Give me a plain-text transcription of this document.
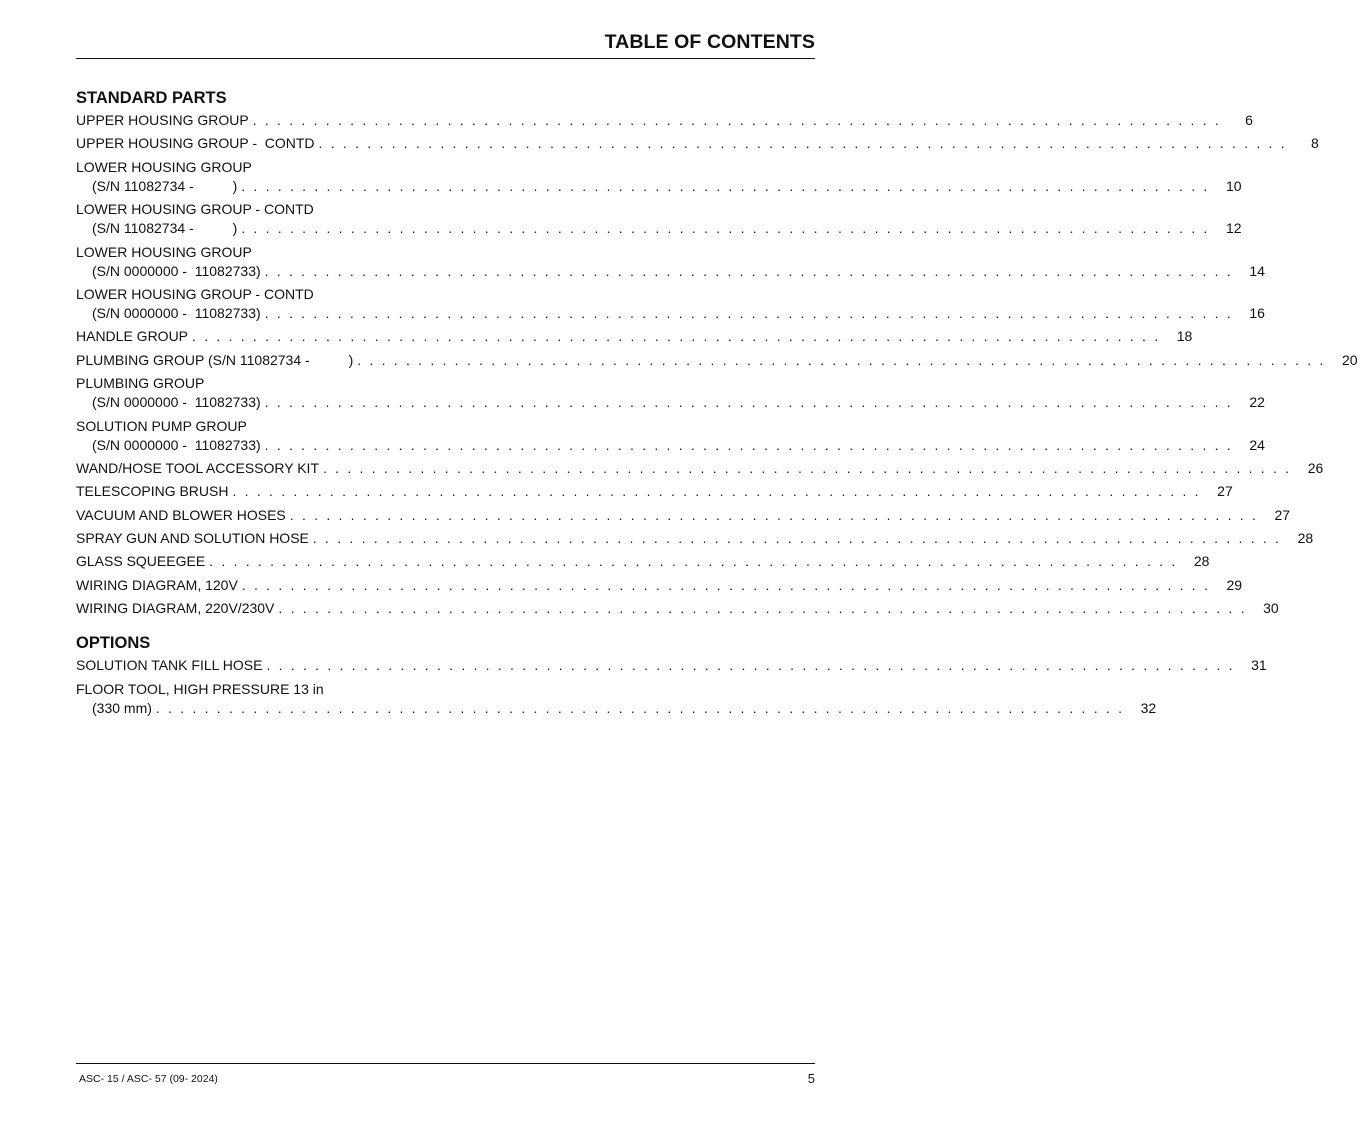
TABLE OF CONTENTS
STANDARD PARTS
UPPER HOUSING GROUP . . . . . . . . . . . . . . . . . . . . . . . . . . . . . . . . . . . . . . . . . . . . . . . . . . . . . . . . . . . . . . . . . . . . . . . . . . . . . . . .	6
UPPER HOUSING GROUP -  CONTD . . . . . . . . . . . . . . . . . . . . . . . . . . . . . . . . . . . . . . . . . . . . . . . . . . . . . . . . . . . . . . . . . . . . . . . . . . . . . . . .	8
LOWER HOUSING GROUP
(S/N 11082734 -          ) . . . . . . . . . . . . . . . . . . . . . . . . . . . . . . . . . . . . . . . . . . . . . . . . . . . . . . . . . . . . . . . . . . . . . . . . . . . . . . . .	10
LOWER HOUSING GROUP - CONTD
(S/N 11082734 -          ) . . . . . . . . . . . . . . . . . . . . . . . . . . . . . . . . . . . . . . . . . . . . . . . . . . . . . . . . . . . . . . . . . . . . . . . . . . . . . . . .	12
LOWER HOUSING GROUP
(S/N 0000000 -  11082733) . . . . . . . . . . . . . . . . . . . . . . . . . . . . . . . . . . . . . . . . . . . . . . . . . . . . . . . . . . . . . . . . . . . . . . . . . . . . . . . .	14
LOWER HOUSING GROUP - CONTD
(S/N 0000000 -  11082733) . . . . . . . . . . . . . . . . . . . . . . . . . . . . . . . . . . . . . . . . . . . . . . . . . . . . . . . . . . . . . . . . . . . . . . . . . . . . . . . .	16
HANDLE GROUP . . . . . . . . . . . . . . . . . . . . . . . . . . . . . . . . . . . . . . . . . . . . . . . . . . . . . . . . . . . . . . . . . . . . . . . . . . . . . . . .	18
PLUMBING GROUP (S/N 11082734 -          ) . . . . . . . . . . . . . . . . . . . . . . . . . . . . . . . . . . . . . . . . . . . . . . . . . . . . . . . . . . . . . . . . . . . . . . . . . . . . . . . .	20
PLUMBING GROUP
(S/N 0000000 -  11082733) . . . . . . . . . . . . . . . . . . . . . . . . . . . . . . . . . . . . . . . . . . . . . . . . . . . . . . . . . . . . . . . . . . . . . . . . . . . . . . . .	22
SOLUTION PUMP GROUP
(S/N 0000000 -  11082733) . . . . . . . . . . . . . . . . . . . . . . . . . . . . . . . . . . . . . . . . . . . . . . . . . . . . . . . . . . . . . . . . . . . . . . . . . . . . . . . .	24
WAND/HOSE TOOL ACCESSORY KIT . . . . . . . . . . . . . . . . . . . . . . . . . . . . . . . . . . . . . . . . . . . . . . . . . . . . . . . . . . . . . . . . . . . . . . . . . . . . . . . .	26
TELESCOPING BRUSH . . . . . . . . . . . . . . . . . . . . . . . . . . . . . . . . . . . . . . . . . . . . . . . . . . . . . . . . . . . . . . . . . . . . . . . . . . . . . . . .	27
VACUUM AND BLOWER HOSES . . . . . . . . . . . . . . . . . . . . . . . . . . . . . . . . . . . . . . . . . . . . . . . . . . . . . . . . . . . . . . . . . . . . . . . . . . . . . . . .	27
SPRAY GUN AND SOLUTION HOSE . . . . . . . . . . . . . . . . . . . . . . . . . . . . . . . . . . . . . . . . . . . . . . . . . . . . . . . . . . . . . . . . . . . . . . . . . . . . . . . .	28
GLASS SQUEEGEE . . . . . . . . . . . . . . . . . . . . . . . . . . . . . . . . . . . . . . . . . . . . . . . . . . . . . . . . . . . . . . . . . . . . . . . . . . . . . . . .	28
WIRING DIAGRAM, 120V . . . . . . . . . . . . . . . . . . . . . . . . . . . . . . . . . . . . . . . . . . . . . . . . . . . . . . . . . . . . . . . . . . . . . . . . . . . . . . . .	29
WIRING DIAGRAM, 220V/230V . . . . . . . . . . . . . . . . . . . . . . . . . . . . . . . . . . . . . . . . . . . . . . . . . . . . . . . . . . . . . . . . . . . . . . . . . . . . . . . .	30
OPTIONS
SOLUTION TANK FILL HOSE . . . . . . . . . . . . . . . . . . . . . . . . . . . . . . . . . . . . . . . . . . . . . . . . . . . . . . . . . . . . . . . . . . . . . . . . . . . . . . . .	31
FLOOR TOOL, HIGH PRESSURE 13 in
(330 mm) . . . . . . . . . . . . . . . . . . . . . . . . . . . . . . . . . . . . . . . . . . . . . . . . . . . . . . . . . . . . . . . . . . . . . . . . . . . . . . . .	32
ASC- 15 / ASC- 57 (09- 2024)	5
